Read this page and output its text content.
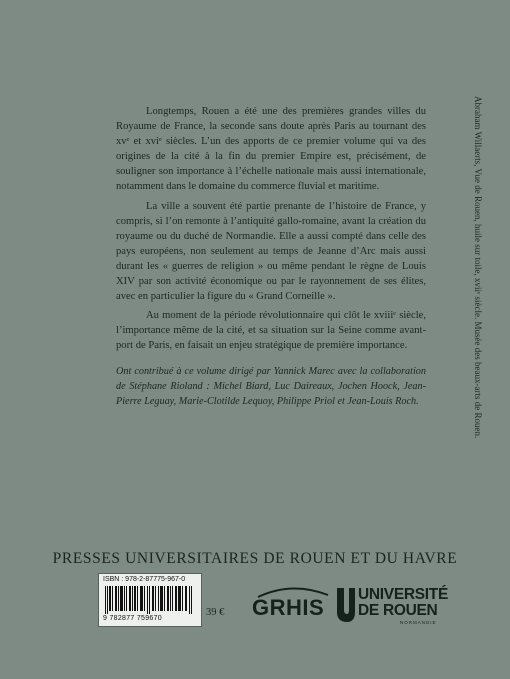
Longtemps, Rouen a été une des premières grandes villes du Royaume de France, la seconde sans doute après Paris au tournant des xvᵉ et xviᵉ siècles. L’un des apports de ce premier volume qui va des origines de la cité à la fin du premier Empire est, précisément, de souligner son importance à l’échelle nationale mais aussi internationale, notamment dans le domaine du commerce fluvial et maritime.

La ville a souvent été partie prenante de l’histoire de France, y compris, si l’on remonte à l’antiquité gallo-romaine, avant la création du royaume ou du duché de Normandie. Elle a aussi compté dans celle des pays européens, non seulement au temps de Jeanne d’Arc mais aussi durant les « guerres de religion » ou même pendant le règne de Louis XIV par son activité économique ou par le rayonnement de ses élites, avec en particulier la figure du « Grand Corneille ».

Au moment de la période révolutionnaire qui clôt le xviiiᵉ siècle, l’importance même de la cité, et sa situation sur la Seine comme avant-port de Paris, en faisait un enjeu stratégique de première importance.

Ont contribué à ce volume dirigé par Yannick Marec avec la collaboration de Stéphane Rioland : Michel Biard, Luc Daireaux, Jochen Hoock, Jean-Pierre Leguay, Marie-Clotilde Lequoy, Philippe Priol et Jean-Louis Roch.	Abraham Willaerts, Vue de Rouen, huile sur toile, xviiᵉ siècle. Musée des beaux-arts de Rouen.
PRESSES UNIVERSITAIRES DE ROUEN ET DU HAVRE
ISBN : 978-2-87775-967-0
9 782877 759670
39 € GRHIS
UNIVERSITÉ
DE ROUEN
NORMANDIE
